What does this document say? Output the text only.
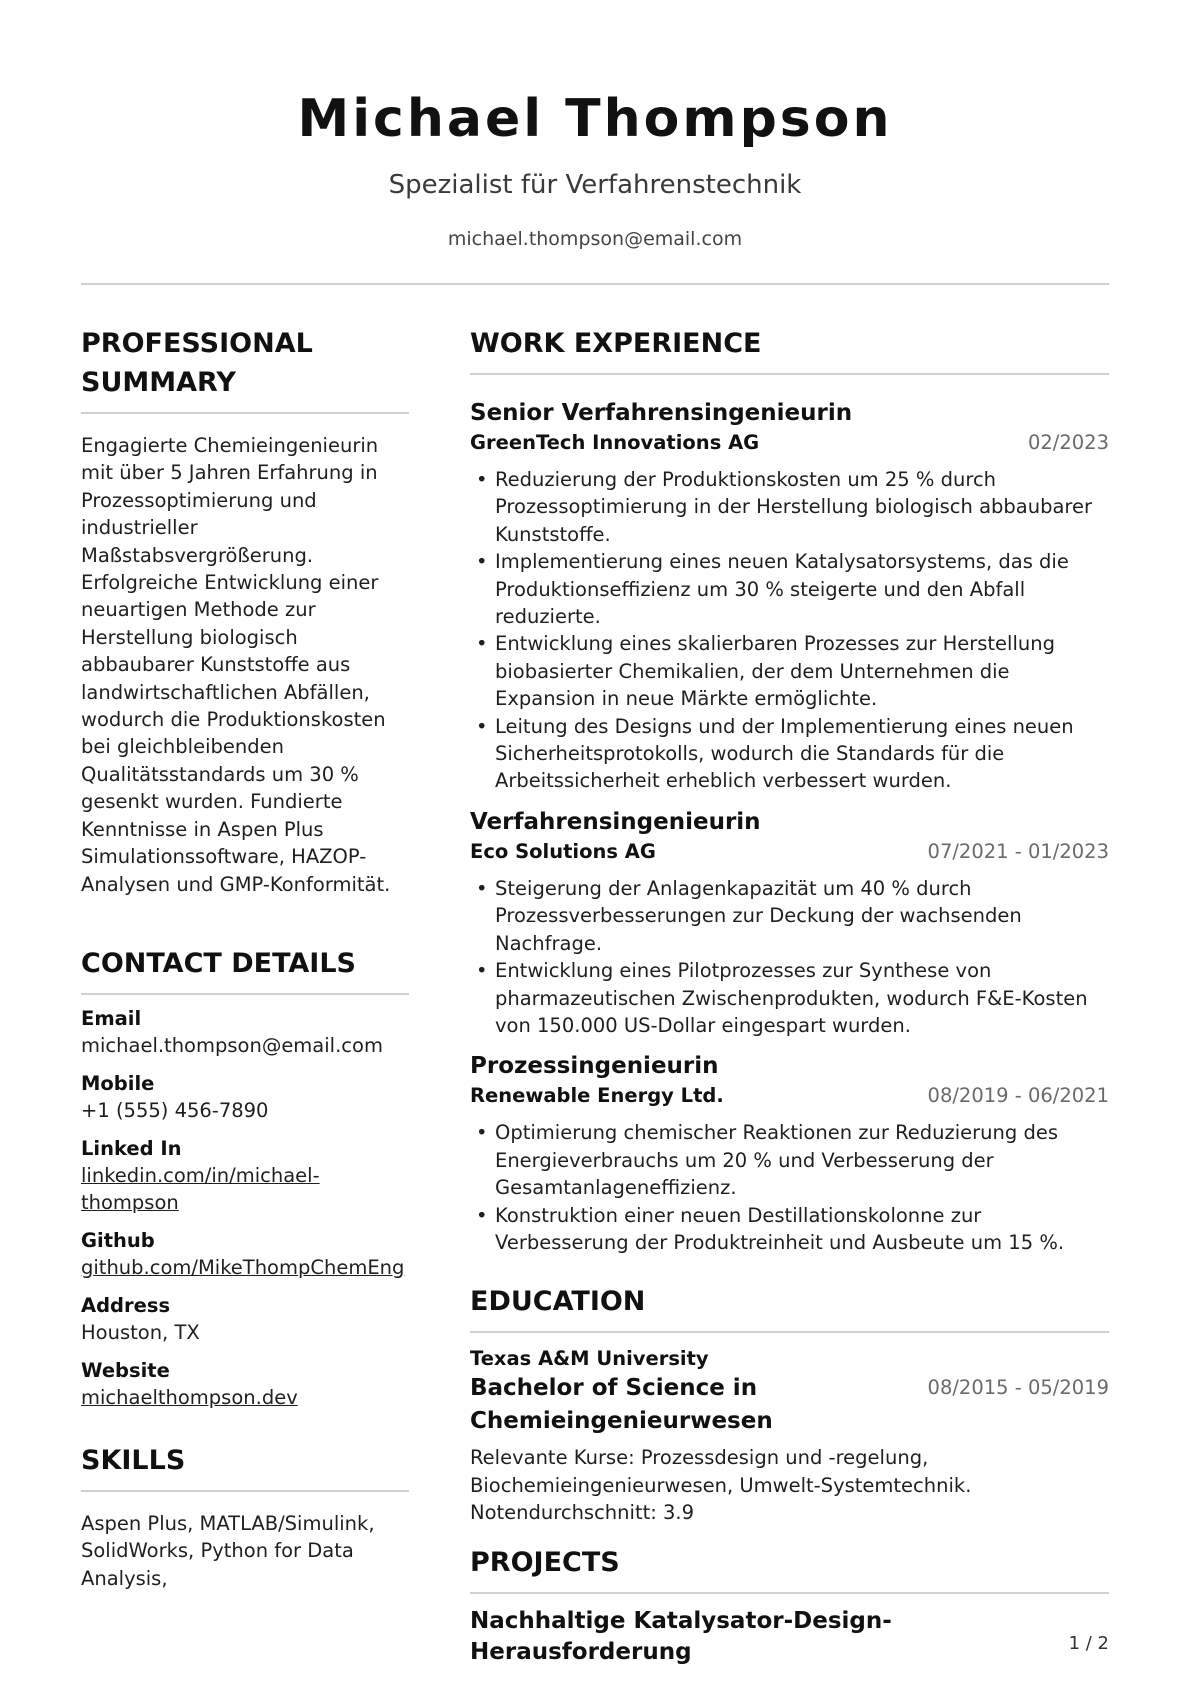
Michael Thompson
Spezialist für Verfahrenstechnik
michael.thompson@email.com
PROFESSIONAL SUMMARY
Engagierte Chemieingenieurin mit über 5 Jahren Erfahrung in Prozessoptimierung und industrieller Maßstabsvergrößerung. Erfolgreiche Entwicklung einer neuartigen Methode zur Herstellung biologisch abbaubarer Kunststoffe aus landwirtschaftlichen Abfällen, wodurch die Produktionskosten bei gleichbleibenden Qualitätsstandards um 30 % gesenkt wurden. Fundierte Kenntnisse in Aspen Plus Simulationssoftware, HAZOP-Analysen und GMP-Konformität.
CONTACT DETAILS
Email
michael.thompson@email.com
Mobile
+1 (555) 456-7890
Linked In
linkedin.com/in/michael-thompson
Github
github.com/MikeThompChemEng
Address
Houston, TX
Website
michaelthompson.dev
SKILLS
Aspen Plus, MATLAB/Simulink, SolidWorks, Python for Data Analysis,
WORK EXPERIENCE
Senior Verfahrensingenieurin
GreenTech Innovations AG	02/2023
• Reduzierung der Produktionskosten um 25 % durch Prozessoptimierung in der Herstellung biologisch abbaubarer Kunststoffe.
• Implementierung eines neuen Katalysatorsystems, das die Produktionseffizienz um 30 % steigerte und den Abfall reduzierte.
• Entwicklung eines skalierbaren Prozesses zur Herstellung biobasierter Chemikalien, der dem Unternehmen die Expansion in neue Märkte ermöglichte.
• Leitung des Designs und der Implementierung eines neuen Sicherheitsprotokolls, wodurch die Standards für die Arbeitssicherheit erheblich verbessert wurden.
Verfahrensingenieurin
Eco Solutions AG	07/2021 - 01/2023
• Steigerung der Anlagenkapazität um 40 % durch Prozessverbesserungen zur Deckung der wachsenden Nachfrage.
• Entwicklung eines Pilotprozesses zur Synthese von pharmazeutischen Zwischenprodukten, wodurch F&E-Kosten von 150.000 US-Dollar eingespart wurden.
Prozessingenieurin
Renewable Energy Ltd.	08/2019 - 06/2021
• Optimierung chemischer Reaktionen zur Reduzierung des Energieverbrauchs um 20 % und Verbesserung der Gesamtanlageneffizienz.
• Konstruktion einer neuen Destillationskolonne zur Verbesserung der Produktreinheit und Ausbeute um 15 %.
EDUCATION
Texas A&M University
Bachelor of Science in Chemieingenieurwesen
08/2015 - 05/2019
Relevante Kurse: Prozessdesign und -regelung, Biochemieingenieurwesen, Umwelt-Systemtechnik. Notendurchschnitt: 3.9
PROJECTS
Nachhaltige Katalysator-Design-Herausforderung	1 / 2
